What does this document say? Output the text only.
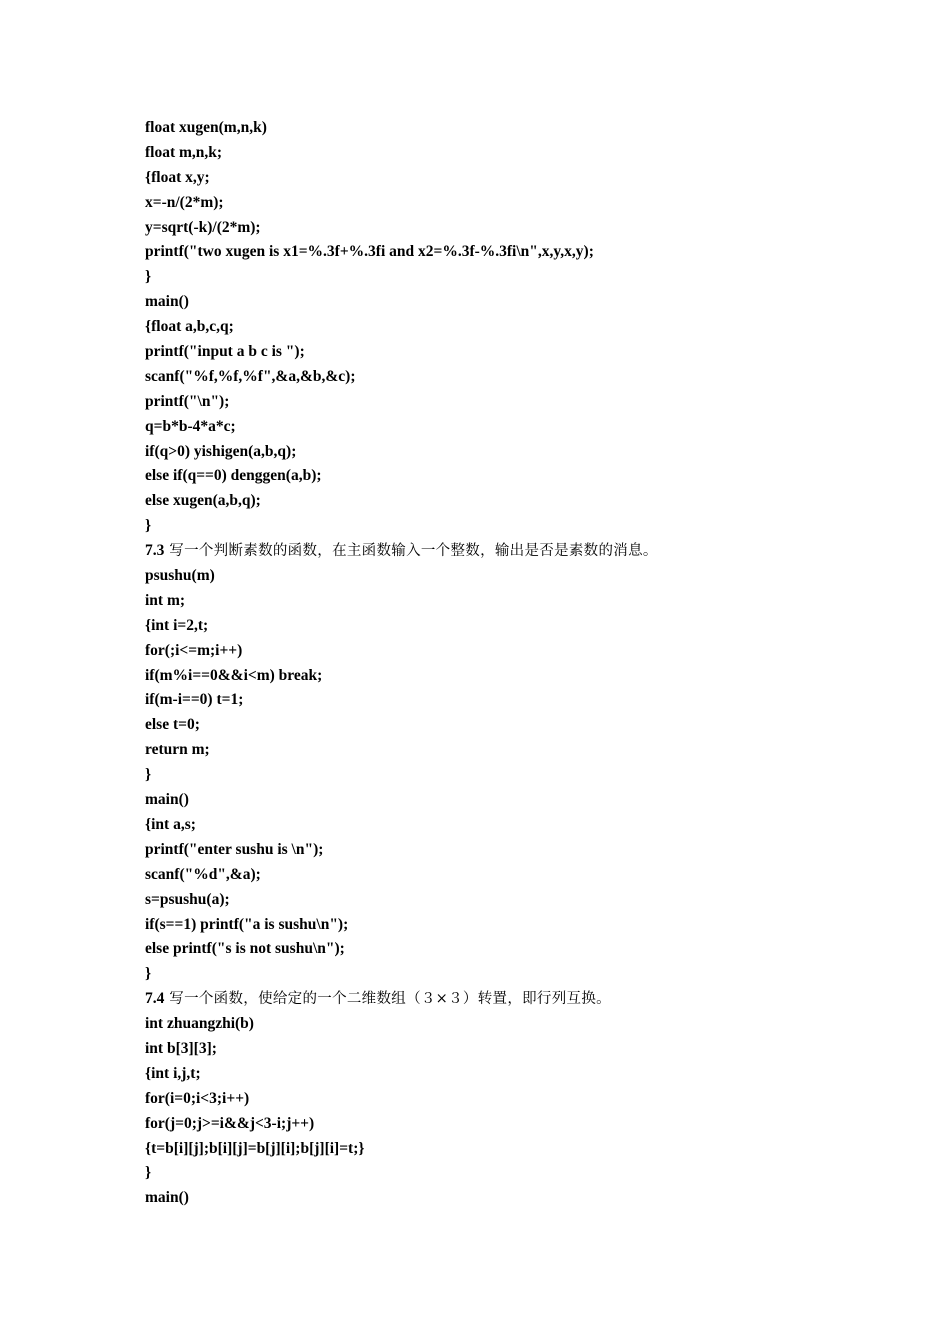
float xugen(m,n,k)
float m,n,k;
{float x,y;
x=-n/(2*m);
y=sqrt(-k)/(2*m);
printf("two xugen is x1=%.3f+%.3fi and x2=%.3f-%.3fi\n",x,y,x,y);
}
main()
{float a,b,c,q;
printf("input a b c is ");
scanf("%f,%f,%f",&a,&b,&c);
printf("\n");
q=b*b-4*a*c;
if(q>0) yishigen(a,b,q);
else if(q==0) denggen(a,b);
else xugen(a,b,q);
}
7.3 写一个判断素数的函数，在主函数输入一个整数，输出是否是素数的消息。
psushu(m)
int m;
{int i=2,t;
for(;i<=m;i++)
if(m%i==0&&i<m) break;
if(m-i==0) t=1;
else t=0;
return m;
}
main()
{int a,s;
printf("enter sushu is \n");
scanf("%d",&a);
s=psushu(a);
if(s==1) printf("a is sushu\n");
else printf("s is not sushu\n");
}
7.4 写一个函数，使给定的一个二维数组（３×３）转置，即行列互换。
int zhuangzhi(b)
int b[3][3];
{int i,j,t;
for(i=0;i<3;i++)
for(j=0;j>=i&&j<3-i;j++)
{t=b[i][j];b[i][j]=b[j][i];b[j][i]=t;}
}
main()
